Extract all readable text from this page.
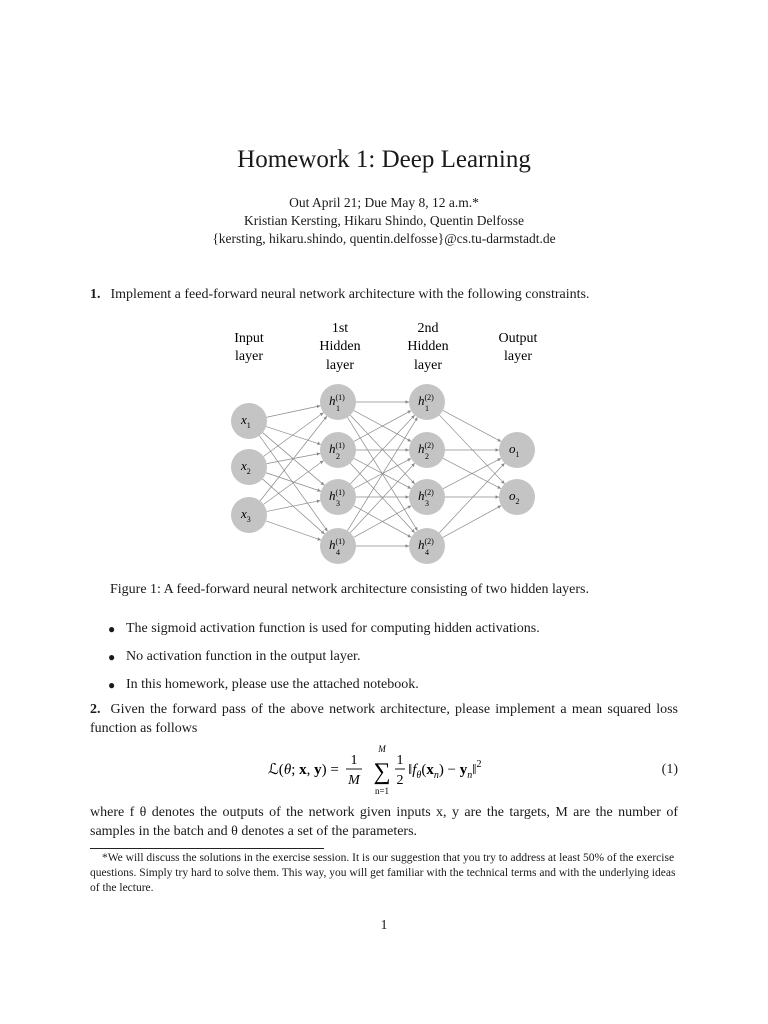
Homework 1: Deep Learning
Out April 21; Due May 8, 12 a.m.*
Kristian Kersting, Hikaru Shindo, Quentin Delfosse
{kersting, hikaru.shindo, quentin.delfosse}@cs.tu-darmstadt.de
1. Implement a feed-forward neural network architecture with the following constraints.
Input
layer
1st
Hidden
layer
2nd
Hidden
layer
Output
layer
$x_1$
$x_2$
$x_3$
$h^{(1)}$
1
$h^{(1)}$
2
$h^{(1)}$
3
$h^{(1)}$
4
$h^{(2)}$
1
$h^{(2)}$
2
$h^{(2)}$
3
$h^{(2)}$
4
$o_1$
$o_2$
Figure 1: A feed-forward neural network architecture consisting of two hidden layers.
● The sigmoid activation function is used for computing hidden activations.
● No activation function in the output layer.
● In this homework, please use the attached notebook.
2. Given the forward pass of the above network architecture, please implement a mean squared loss function as follows
ℒ(θ; x, y) =
1
M
M
∑
n=1
1
2
$‖f_\theta(x_n)$ − $y_n‖^2$	(1)
where f θ denotes the outputs of the network given inputs x, y are the targets, M are the number of samples in the batch and θ denotes a set of the parameters.
*We will discuss the solutions in the exercise session. It is our suggestion that you try to address at least 50% of the exercise questions. Simply try hard to solve them. This way, you will get familiar with the technical terms and with the underlying ideas of the lecture.
1
